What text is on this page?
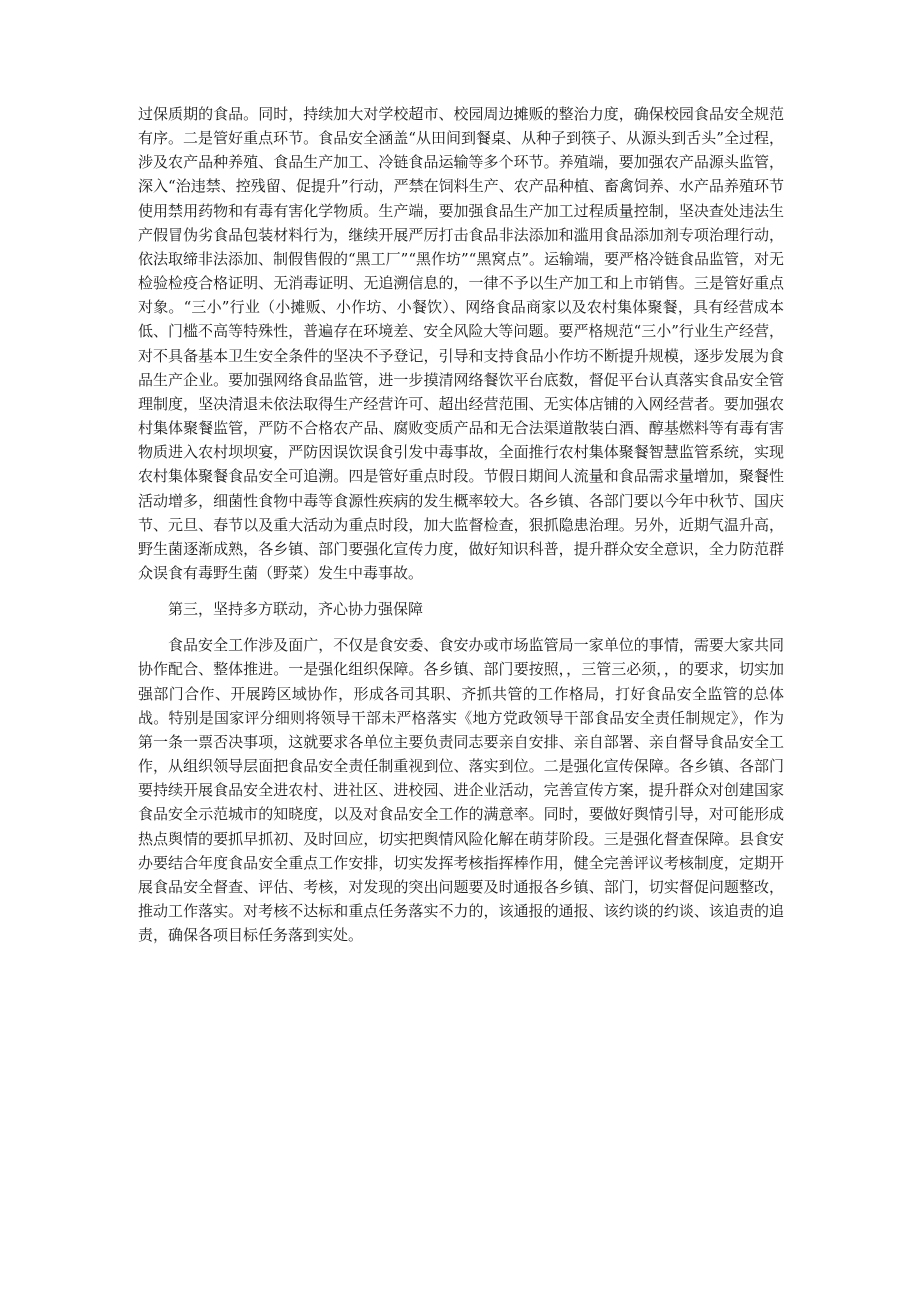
过保质期的食品。同时，持续加大对学校超市、校园周边摊贩的整治力度，确保校园食品安全规范有序。二是管好重点环节。食品安全涵盖“从田间到餐桌、从种子到筷子、从源头到舌头”全过程，涉及农产品种养殖、食品生产加工、冷链食品运输等多个环节。养殖端，要加强农产品源头监管，深入“治违禁、控残留、促提升”行动，严禁在饲料生产、农产品种植、畜禽饲养、水产品养殖环节使用禁用药物和有毒有害化学物质。生产端，要加强食品生产加工过程质量控制，坚决查处违法生产假冒伪劣食品包装材料行为，继续开展严厉打击食品非法添加和滥用食品添加剂专项治理行动，依法取缔非法添加、制假售假的“黑工厂”“黑作坊”“黑窝点”。运输端，要严格冷链食品监管，对无检验检疫合格证明、无消毒证明、无追溯信息的，一律不予以生产加工和上市销售。三是管好重点对象。“三小”行业（小摊贩、小作坊、小餐饮）、网络食品商家以及农村集体聚餐，具有经营成本低、门槛不高等特殊性，普遍存在环境差、安全风险大等问题。要严格规范“三小”行业生产经营，对不具备基本卫生安全条件的坚决不予登记，引导和支持食品小作坊不断提升规模，逐步发展为食品生产企业。要加强网络食品监管，进一步摸清网络餐饮平台底数，督促平台认真落实食品安全管理制度，坚决清退未依法取得生产经营许可、超出经营范围、无实体店铺的入网经营者。要加强农村集体聚餐监管，严防不合格农产品、腐败变质产品和无合法渠道散装白酒、醇基燃料等有毒有害物质进入农村坝坝宴，严防因误饮误食引发中毒事故，全面推行农村集体聚餐智慧监管系统，实现农村集体聚餐食品安全可追溯。四是管好重点时段。节假日期间人流量和食品需求量增加，聚餐性活动增多，细菌性食物中毒等食源性疾病的发生概率较大。各乡镇、各部门要以今年中秋节、国庆节、元旦、春节以及重大活动为重点时段，加大监督检查，狠抓隐患治理。另外，近期气温升高，野生菌逐渐成熟，各乡镇、部门要强化宣传力度，做好知识科普，提升群众安全意识，全力防范群众误食有毒野生菌（野菜）发生中毒事故。

第三，坚持多方联动，齐心协力强保障

食品安全工作涉及面广，不仅是食安委、食安办或市场监管局一家单位的事情，需要大家共同协作配合、整体推进。一是强化组织保障。各乡镇、部门要按照，，三管三必须，，的要求，切实加强部门合作、开展跨区域协作，形成各司其职、齐抓共管的工作格局，打好食品安全监管的总体战。特别是国家评分细则将领导干部未严格落实《地方党政领导干部食品安全责任制规定》，作为第一条一票否决事项，这就要求各单位主要负责同志要亲自安排、亲自部署、亲自督导食品安全工作，从组织领导层面把食品安全责任制重视到位、落实到位。二是强化宣传保障。各乡镇、各部门要持续开展食品安全进农村、进社区、进校园、进企业活动，完善宣传方案，提升群众对创建国家食品安全示范城市的知晓度，以及对食品安全工作的满意率。同时，要做好舆情引导，对可能形成热点舆情的要抓早抓初、及时回应，切实把舆情风险化解在萌芽阶段。三是强化督查保障。县食安办要结合年度食品安全重点工作安排，切实发挥考核指挥棒作用，健全完善评议考核制度，定期开展食品安全督查、评估、考核，对发现的突出问题要及时通报各乡镇、部门，切实督促问题整改，推动工作落实。对考核不达标和重点任务落实不力的，该通报的通报、该约谈的约谈、该追责的追责，确保各项目标任务落到实处。
